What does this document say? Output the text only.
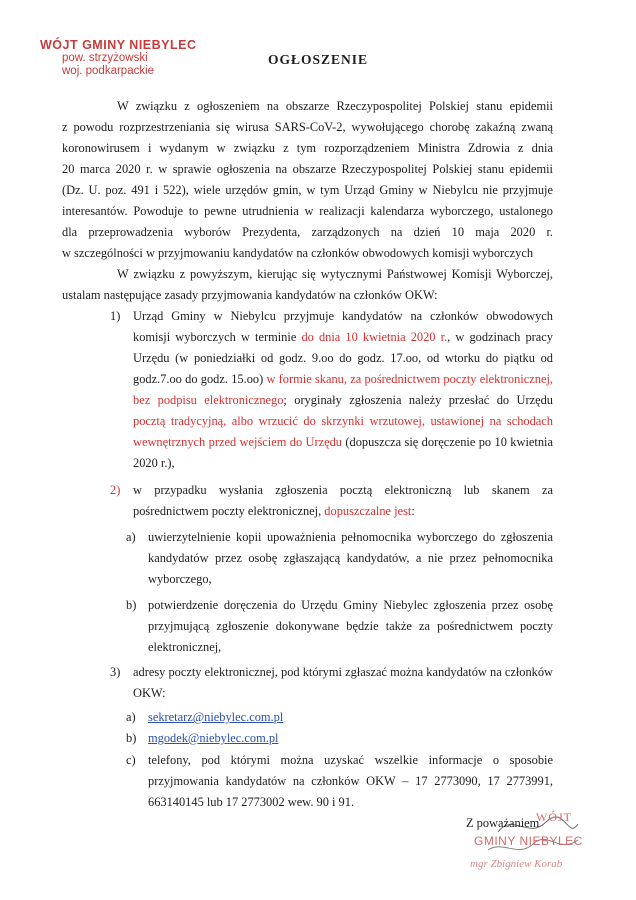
WÓJT GMINY NIEBYLEC
pow. strzyżowski
woj. podkarpackie
OGŁOSZENIE
W związku z ogłoszeniem na obszarze Rzeczypospolitej Polskiej stanu epidemii
z powodu rozprzestrzeniania się wirusa SARS-CoV-2, wywołującego chorobę zakaźną zwaną
koronowirusem i wydanym w związku z tym rozporządzeniem Ministra Zdrowia z dnia
20 marca 2020 r. w sprawie ogłoszenia na obszarze Rzeczypospolitej Polskiej stanu epidemii
(Dz. U. poz. 491 i 522), wiele urzędów gmin, w tym Urząd Gminy w Niebylcu nie przyjmuje
interesantów. Powoduje to pewne utrudnienia w realizacji kalendarza wyborczego, ustalonego
dla przeprowadzenia wyborów Prezydenta, zarządzonych na dzień 10 maja 2020 r.
w szczególności w przyjmowaniu kandydatów na członków obwodowych komisji wyborczych
W związku z powyższym, kierując się wytycznymi Państwowej Komisji Wyborczej,
ustalam następujące zasady przyjmowania kandydatów na członków OKW:
1) Urząd Gminy w Niebylcu przyjmuje kandydatów na członków obwodowych
komisji wyborczych w terminie do dnia 10 kwietnia 2020 r., w godzinach pracy
Urzędu (w poniedziałki od godz. 9.oo do godz. 17.oo, od wtorku do piątku od
godz.7.oo do godz. 15.oo) w formie skanu, za pośrednictwem poczty elektronicznej,
bez podpisu elektronicznego; oryginały zgłoszenia należy przesłać do Urzędu
pocztą tradycyjną, albo wrzucić do skrzynki wrzutowej, ustawionej na schodach
wewnętrznych przed wejściem do Urzędu (dopuszcza się doręczenie po 10 kwietnia
2020 r.),
2) w przypadku wysłania zgłoszenia pocztą elektroniczną lub skanem za
pośrednictwem poczty elektronicznej, dopuszczalne jest:
a) uwierzytelnienie kopii upoważnienia pełnomocnika wyborczego do zgłoszenia
kandydatów przez osobę zgłaszającą kandydatów, a nie przez pełnomocnika
wyborczego,
b) potwierdzenie doręczenia do Urzędu Gminy Niebylec zgłoszenia przez osobę
przyjmującą zgłoszenie dokonywane będzie także za pośrednictwem poczty
elektronicznej,
3) adresy poczty elektronicznej, pod którymi zgłaszać można kandydatów na członków
OKW:
a) sekretarz@niebylec.com.pl
b) mgodek@niebylec.com.pl
c) telefony, pod którymi można uzyskać wszelkie informacje o sposobie
przyjmowania kandydatów na członków OKW – 17 2773090, 17 2773991,
663140145 lub 17 2773002 wew. 90 i 91.
Z poważaniem
WÓJT
GMINY NIEBYLEC
mgr Zbigniew Korab
